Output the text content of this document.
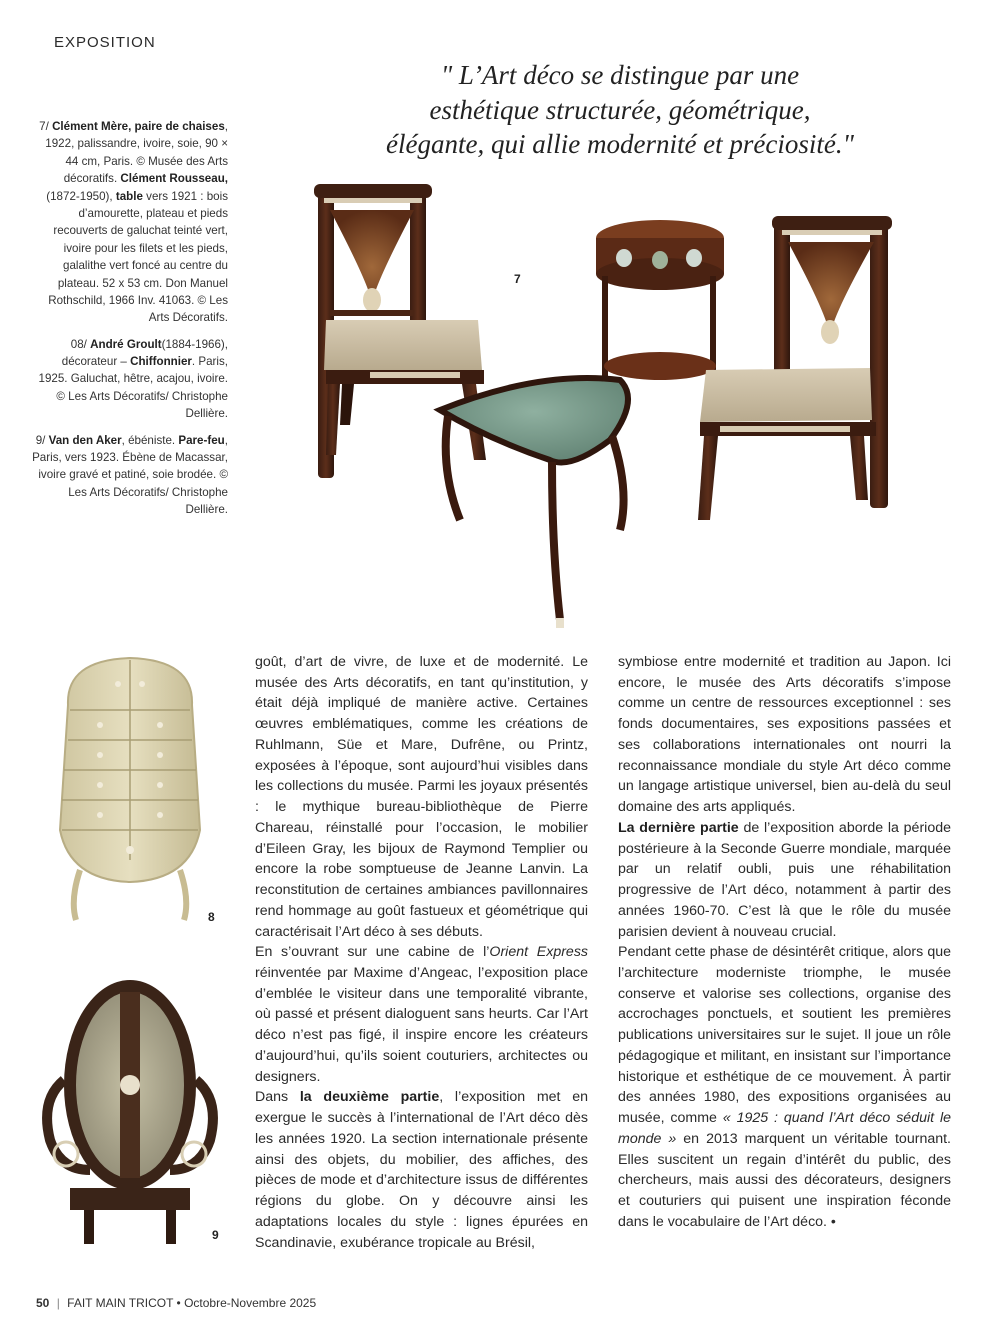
EXPOSITION
" L’Art déco se distingue par une
esthétique structurée, géométrique,
élégante, qui allie modernité et préciosité."

7/ Clément Mère, paire de chaises, 1922, palissandre, ivoire, soie, 90 × 44 cm, Paris. © Musée des Arts décoratifs. Clément Rousseau, (1872-1950), table vers 1921 : bois d’amourette, plateau et pieds recouverts de galuchat teinté vert, ivoire pour les filets et les pieds, galalithe vert foncé au centre du plateau. 52 x 53 cm. Don Manuel Rothschild, 1966 Inv. 41063. © Les Arts Décoratifs.

08/ André Groult(1884-1966), décorateur – Chiffonnier. Paris, 1925. Galuchat, hêtre, acajou, ivoire. © Les Arts Décoratifs/ Christophe Dellière.

9/ Van den Aker, ébéniste. Pare-feu, Paris, vers 1923. Ébène de Macassar, ivoire gravé et patiné, soie brodée. © Les Arts Décoratifs/ Christophe Dellière.

7
8
9

goût, d’art de vivre, de luxe et de modernité. Le musée des Arts décoratifs, en tant qu’institution, y était déjà impliqué de manière active. Certaines œuvres emblématiques, comme les créations de Ruhlmann, Süe et Mare, Dufrêne, ou Printz, exposées à l’époque, sont aujourd’hui visibles dans les collections du musée. Parmi les joyaux présentés : le mythique bureau-bibliothèque de Pierre Chareau, réinstallé pour l’occasion, le mobilier d’Eileen Gray, les bijoux de Raymond Templier ou encore la robe somptueuse de Jeanne Lanvin. La reconstitution de certaines ambiances pavillonnaires rend hommage au goût fastueux et géométrique qui caractérisait l’Art déco à ses débuts.

En s’ouvrant sur une cabine de l’Orient Express réinventée par Maxime d’Angeac, l’exposition place d’emblée le visiteur dans une temporalité vibrante, où passé et présent dialoguent sans heurts. Car l’Art déco n’est pas figé, il inspire encore les créateurs d’aujourd’hui, qu’ils soient couturiers, architectes ou designers.

Dans la deuxième partie, l’exposition met en exergue le succès à l’international de l’Art déco dès les années 1920. La section internationale présente ainsi des objets, du mobilier, des affiches, des pièces de mode et d’architecture issus de différentes régions du globe. On y découvre ainsi les adaptations locales du style : lignes épurées en Scandinavie, exubérance tropicale au Brésil,

symbiose entre modernité et tradition au Japon. Ici encore, le musée des Arts décoratifs s’impose comme un centre de ressources exceptionnel : ses fonds documentaires, ses expositions passées et ses collaborations internationales ont nourri la reconnaissance mondiale du style Art déco comme un langage artistique universel, bien au-delà du seul domaine des arts appliqués.

La dernière partie de l’exposition aborde la période postérieure à la Seconde Guerre mondiale, marquée par un relatif oubli, puis une réhabilitation progressive de l’Art déco, notamment à partir des années 1960-70. C’est là que le rôle du musée parisien devient à nouveau crucial.

Pendant cette phase de désintérêt critique, alors que l’architecture moderniste triomphe, le musée conserve et valorise ses collections, organise des accrochages ponctuels, et soutient les premières publications universitaires sur le sujet. Il joue un rôle pédagogique et militant, en insistant sur l’importance historique et esthétique de ce mouvement. À partir des années 1980, des expositions organisées au musée, comme « 1925 : quand l’Art déco séduit le monde » en 2013 marquent un véritable tournant. Elles suscitent un regain d’intérêt du public, des chercheurs, mais aussi des décorateurs, designers et couturiers qui puisent une inspiration féconde dans le vocabulaire de l’Art déco. •

50 | FAIT MAIN TRICOT • Octobre-Novembre 2025
